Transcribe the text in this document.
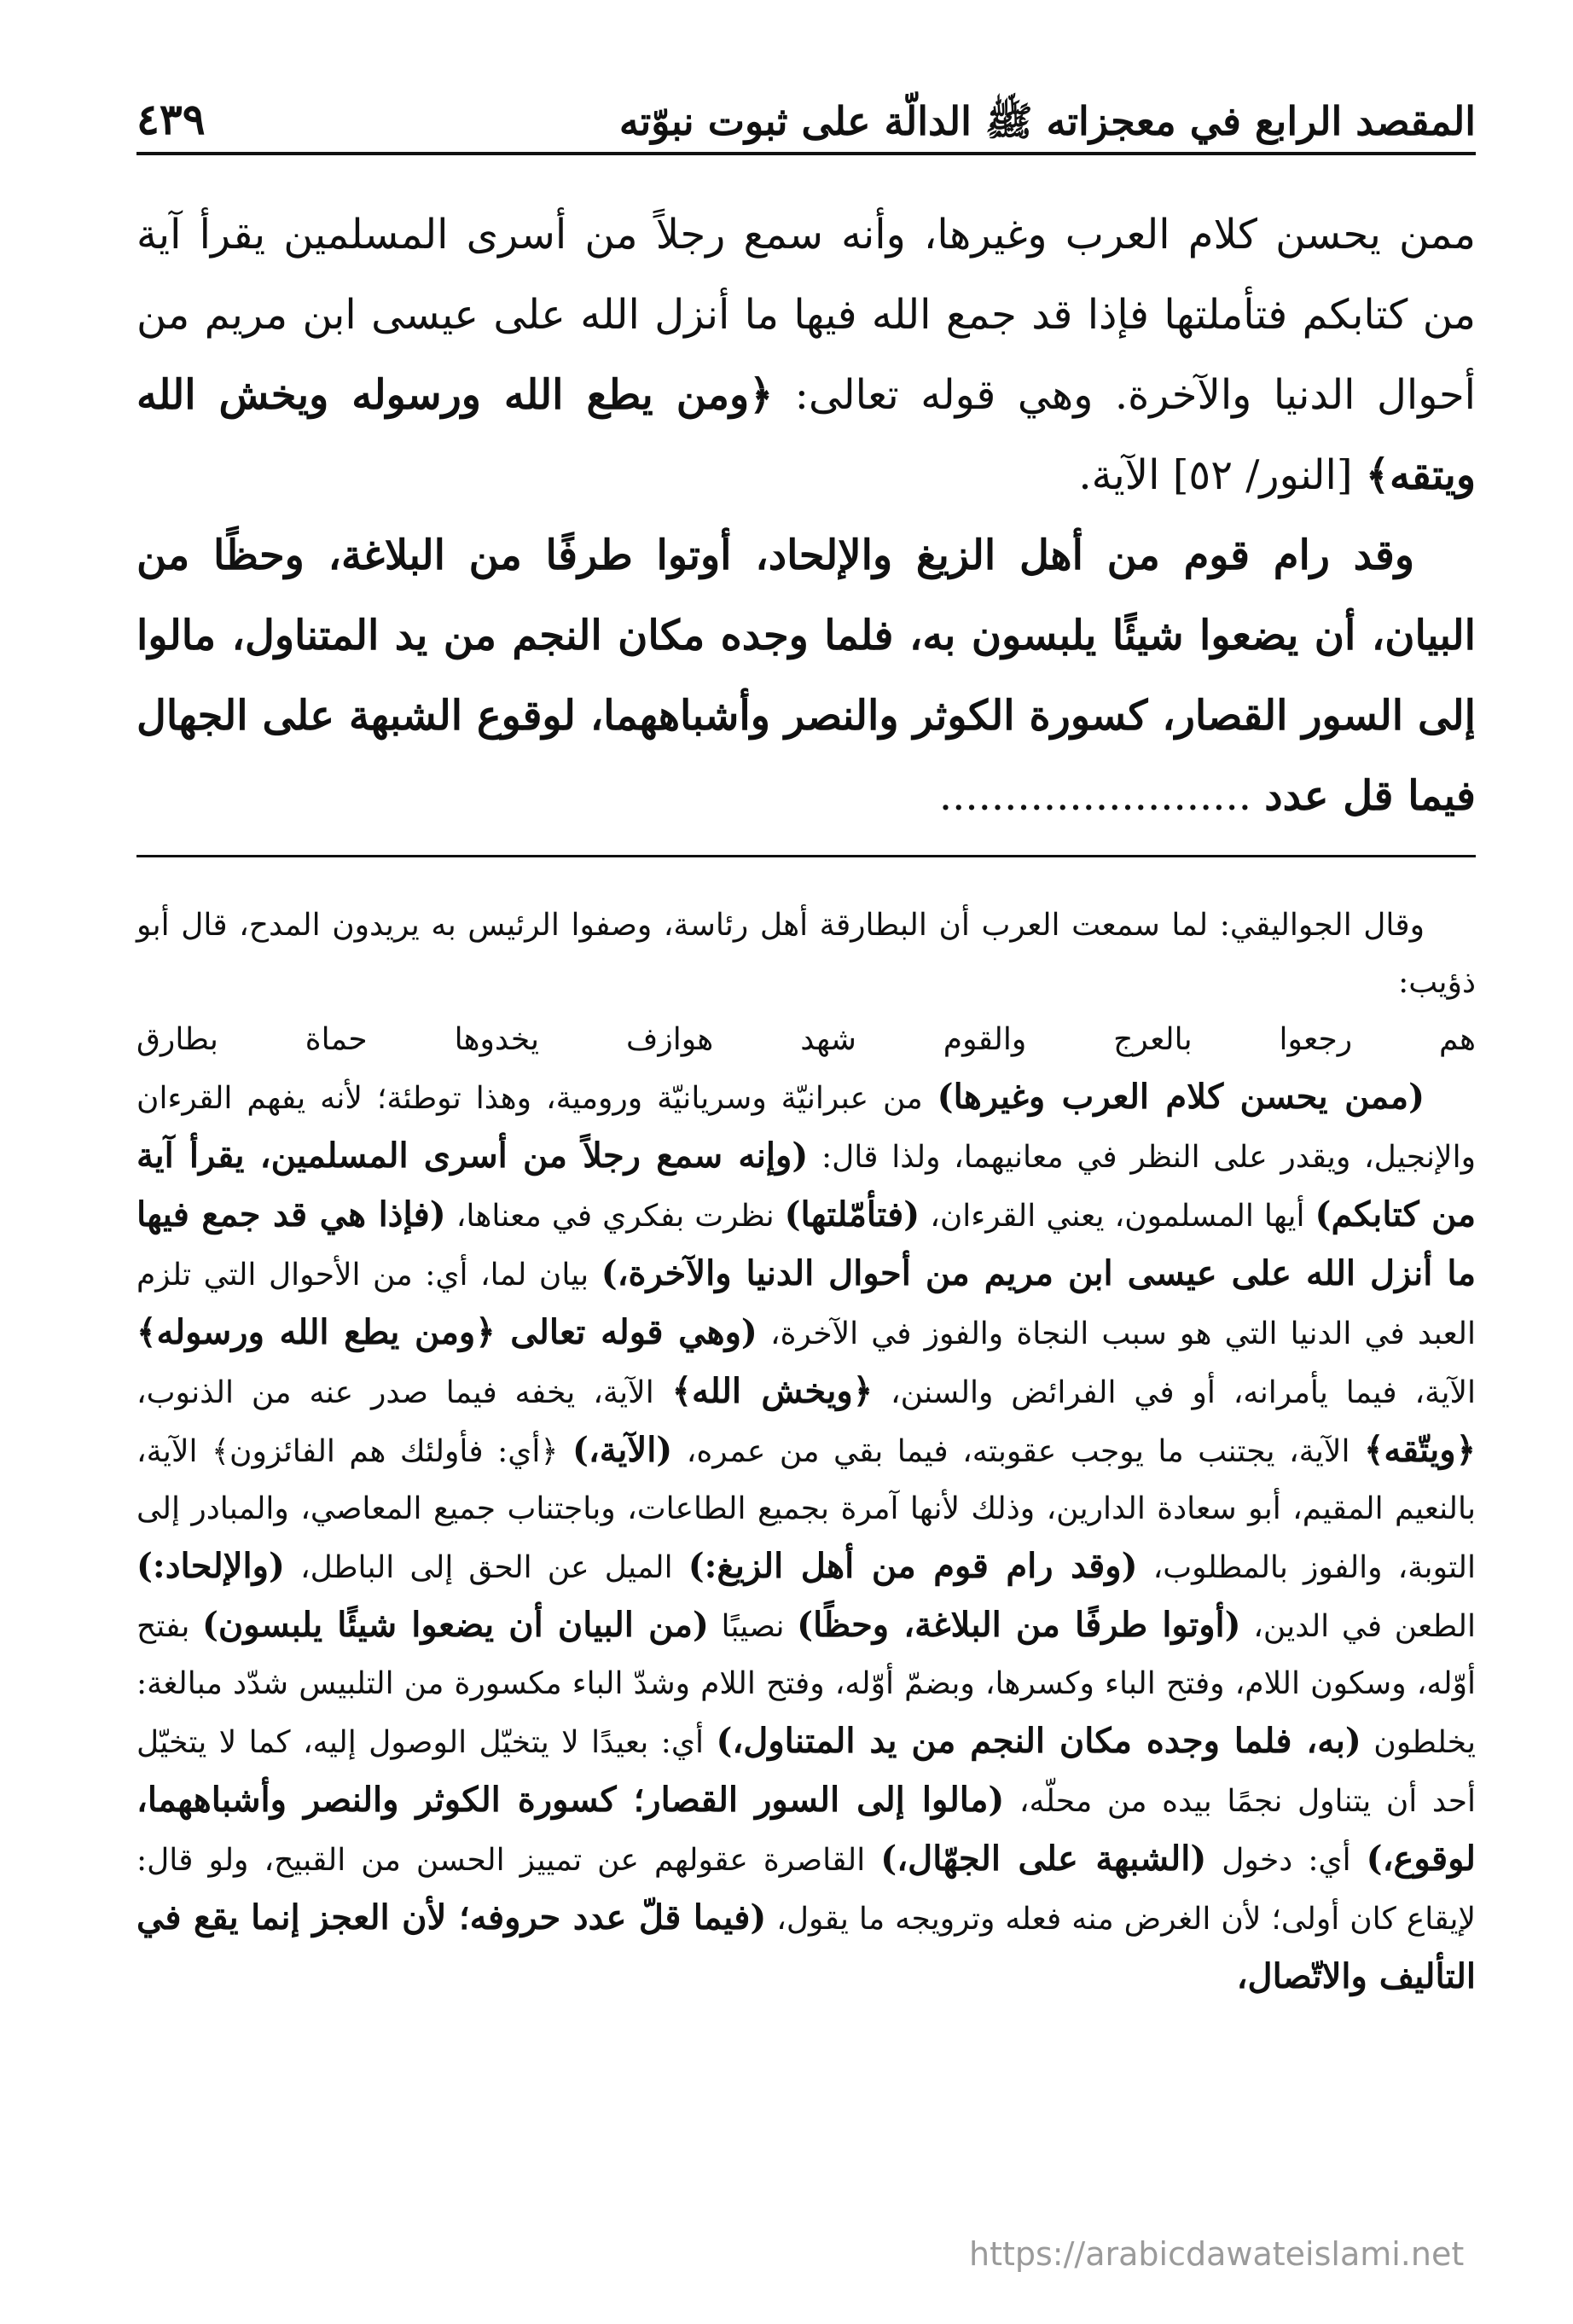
المقصد الرابع في معجزاته ﷺ الدالّة على ثبوت نبوّته
٤٣٩

ممن يحسن كلام العرب وغيرها، وأنه سمع رجلاً من أسرى المسلمين يقرأ آية من كتابكم فتأملتها فإذا قد جمع الله فيها ما أنزل الله على عيسى ابن مريم من أحوال الدنيا والآخرة. وهي قوله تعالى: ﴿ومن يطع الله ورسوله ويخش الله ويتقه﴾ [النور/ ٥٢] الآية.

وقد رام قوم من أهل الزيغ والإلحاد، أوتوا طرفًا من البلاغة، وحظًا من البيان، أن يضعوا شيئًا يلبسون به، فلما وجده مكان النجم من يد المتناول، مالوا إلى السور القصار، كسورة الكوثر والنصر وأشباههما، لوقوع الشبهة على الجهال فيما قل عدد ........................

وقال الجواليقي: لما سمعت العرب أن البطارقة أهل رئاسة، وصفوا الرئيس به يريدون المدح، قال أبو ذؤيب:

هم رجعوا بالعرج والقوم شهد هوازف يخدوها حماة بطارق

(ممن يحسن كلام العرب وغيرها) من عبرانيّة وسريانيّة ورومية، وهذا توطئة؛ لأنه يفهم القرءان والإنجيل، ويقدر على النظر في معانيهما، ولذا قال: (وإنه سمع رجلاً من أسرى المسلمين، يقرأ آية من كتابكم) أيها المسلمون، يعني القرءان، (فتأمّلتها) نظرت بفكري في معناها، (فإذا هي قد جمع فيها ما أنزل الله على عيسى ابن مريم من أحوال الدنيا والآخرة،) بيان لما، أي: من الأحوال التي تلزم العبد في الدنيا التي هو سبب النجاة والفوز في الآخرة، (وهي قوله تعالى ﴿ومن يطع الله ورسوله﴾ الآية، فيما يأمرانه، أو في الفرائض والسنن، ﴿ويخش الله﴾ الآية، يخفه فيما صدر عنه من الذنوب، ﴿ويتّقه﴾ الآية، يجتنب ما يوجب عقوبته، فيما بقي من عمره، (الآية،) ﴿أي: فأولئك هم الفائزون﴾ الآية، بالنعيم المقيم، أبو سعادة الدارين، وذلك لأنها آمرة بجميع الطاعات، وباجتناب جميع المعاصي، والمبادر إلى التوبة، والفوز بالمطلوب، (وقد رام قوم من أهل الزيغ:) الميل عن الحق إلى الباطل، (والإلحاد:) الطعن في الدين، (أوتوا طرفًا من البلاغة، وحظًا) نصيبًا (من البيان أن يضعوا شيئًا يلبسون) بفتح أوّله، وسكون اللام، وفتح الباء وكسرها، وبضمّ أوّله، وفتح اللام وشدّ الباء مكسورة من التلبيس شدّد مبالغة: يخلطون (به، فلما وجده مكان النجم من يد المتناول،) أي: بعيدًا لا يتخيّل الوصول إليه، كما لا يتخيّل أحد أن يتناول نجمًا بيده من محلّه، (مالوا إلى السور القصار؛ كسورة الكوثر والنصر وأشباههما، لوقوع،) أي: دخول (الشبهة على الجهّال،) القاصرة عقولهم عن تمييز الحسن من القبيح، ولو قال: لإيقاع كان أولى؛ لأن الغرض منه فعله وترويجه ما يقول، (فيما قلّ عدد حروفه؛ لأن العجز إنما يقع في التأليف والاتّصال،

https://arabicdawateislami.net
